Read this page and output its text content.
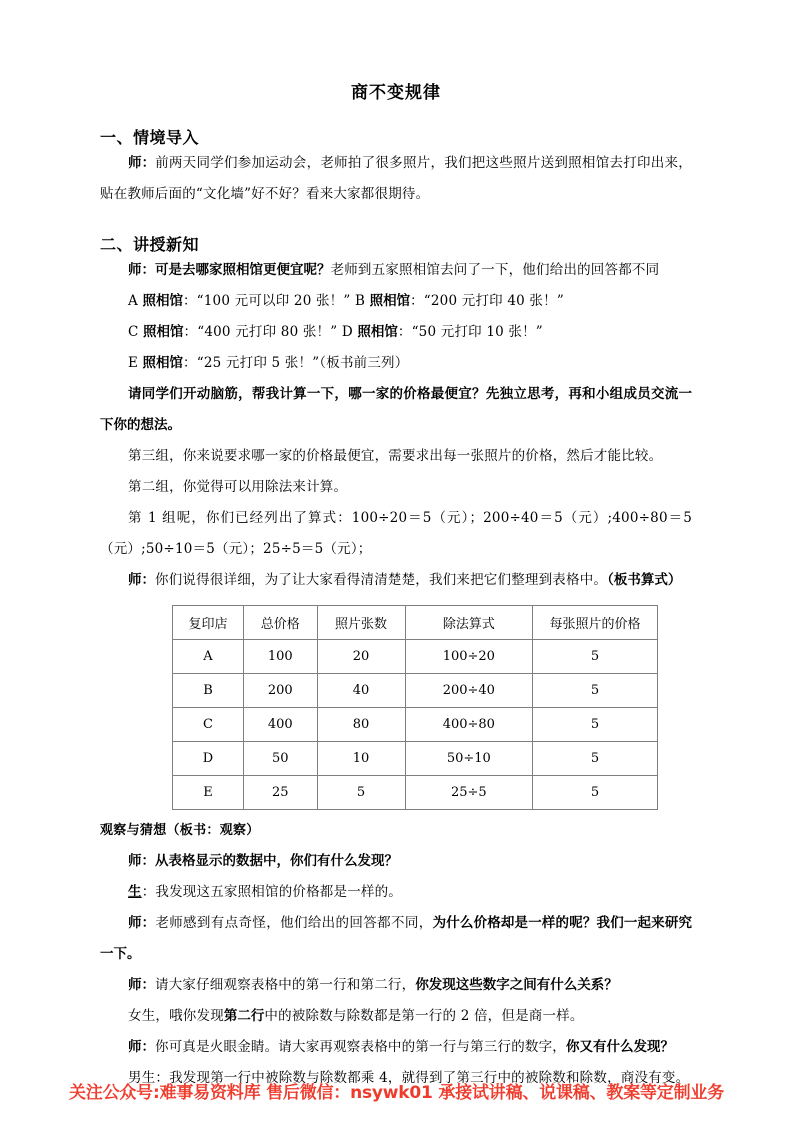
商不变规律
一、情境导入

师：前两天同学们参加运动会，老师拍了很多照片，我们把这些照片送到照相馆去打印出来，贴在教师后面的“文化墙”好不好？看来大家都很期待。

二、讲授新知

师：可是去哪家照相馆更便宜呢？老师到五家照相馆去问了一下，他们给出的回答都不同

A 照相馆：“100 元可以印 20 张！” B 照相馆：“200 元打印 40 张！”

C 照相馆：“400 元打印 80 张！” D 照相馆：“50 元打印 10 张！”

E 照相馆：“25 元打印 5 张！”（板书前三列）

请同学们开动脑筋，帮我计算一下，哪一家的价格最便宜？先独立思考，再和小组成员交流一下你的想法。

第三组，你来说要求哪一家的价格最便宜，需要求出每一张照片的价格，然后才能比较。

第二组，你觉得可以用除法来计算。

第 1 组呢，你们已经列出了算式：100÷20＝5（元）；200÷40＝5（元）;400÷80＝5（元）;50÷10＝5（元）；25÷5＝5（元）；

师：你们说得很详细，为了让大家看得清清楚楚，我们来把它们整理到表格中。（板书算式）

复印店	总价格	照片张数	除法算式	每张照片的价格
A	100	20	100÷20	5
B	200	40	200÷40	5
C	400	80	400÷80	5
D	50	10	50÷10	5
E	25	5	25÷5	5

观察与猜想（板书：观察）

师：从表格显示的数据中，你们有什么发现？

生：我发现这五家照相馆的价格都是一样的。

师：老师感到有点奇怪，他们给出的回答都不同，为什么价格却是一样的呢？我们一起来研究一下。

师：请大家仔细观察表格中的第一行和第二行，你发现这些数字之间有什么关系？

女生，哦你发现第二行中的被除数与除数都是第一行的 2 倍，但是商一样。

师：你可真是火眼金睛。请大家再观察表格中的第一行与第三行的数字，你又有什么发现？

男生：我发现第一行中被除数与除数都乘 4，就得到了第三行中的被除数和除数，商没有变。

关注公众号:难事易资料库 售后微信：nsywk01 承接试讲稿、说课稿、教案等定制业务
